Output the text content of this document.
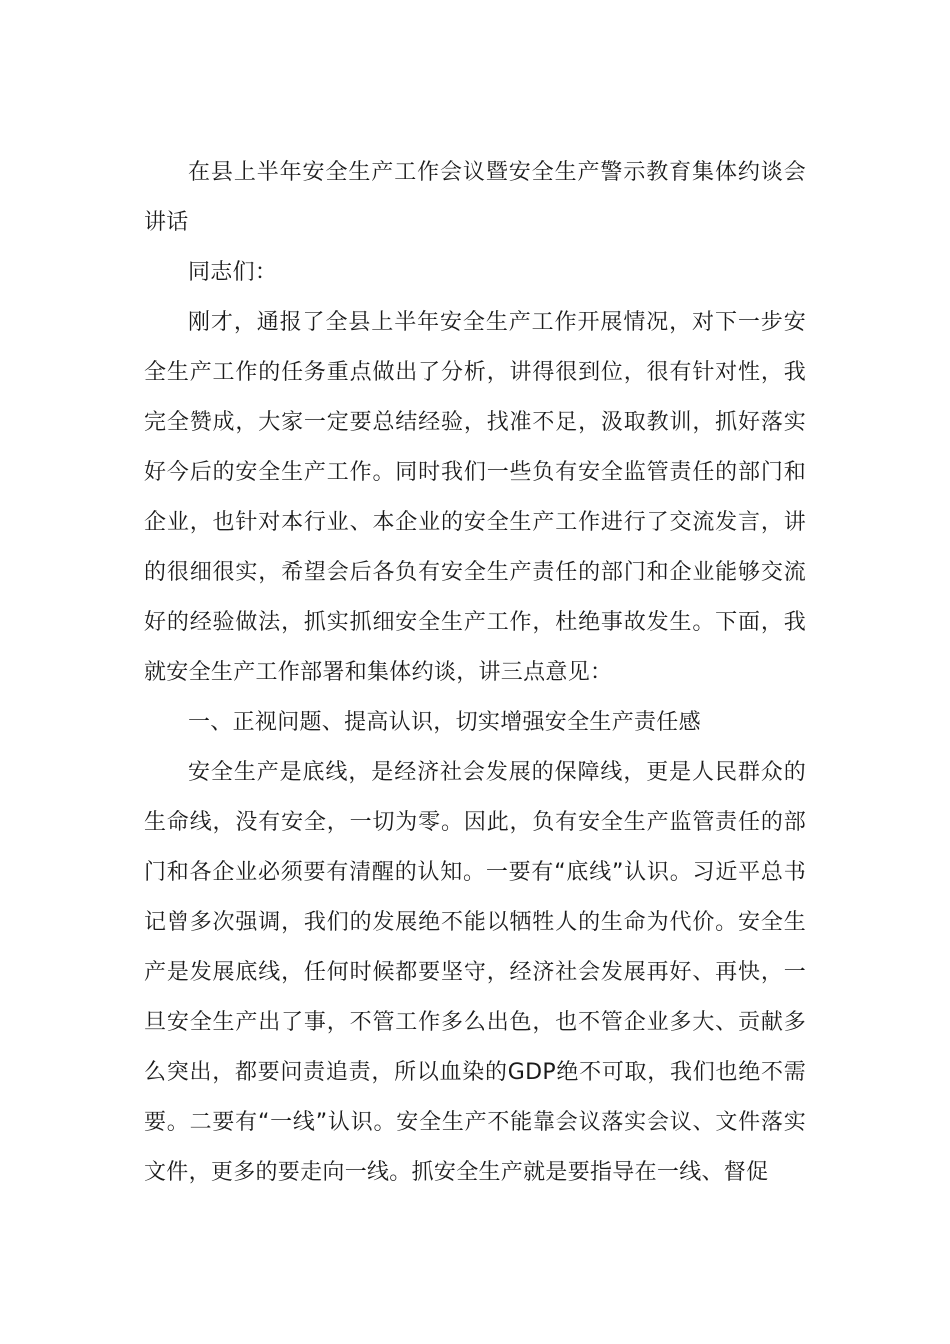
在县上半年安全生产工作会议暨安全生产警示教育集体约谈会讲话

同志们：

刚才，通报了全县上半年安全生产工作开展情况，对下一步安全生产工作的任务重点做出了分析，讲得很到位，很有针对性，我完全赞成，大家一定要总结经验，找准不足，汲取教训，抓好落实好今后的安全生产工作。同时我们一些负有安全监管责任的部门和企业，也针对本行业、本企业的安全生产工作进行了交流发言，讲的很细很实，希望会后各负有安全生产责任的部门和企业能够交流好的经验做法，抓实抓细安全生产工作，杜绝事故发生。下面，我就安全生产工作部署和集体约谈，讲三点意见：

一、正视问题、提高认识，切实增强安全生产责任感

安全生产是底线，是经济社会发展的保障线，更是人民群众的生命线，没有安全，一切为零。因此，负有安全生产监管责任的部门和各企业必须要有清醒的认知。一要有“底线”认识。习近平总书记曾多次强调，我们的发展绝不能以牺牲人的生命为代价。安全生产是发展底线，任何时候都要坚守，经济社会发展再好、再快，一旦安全生产出了事，不管工作多么出色，也不管企业多大、贡献多么突出，都要问责追责，所以血染的GDP绝不可取，我们也绝不需要。二要有“一线”认识。安全生产不能靠会议落实会议、文件落实文件，更多的要走向一线。抓安全生产就是要指导在一线、督促
